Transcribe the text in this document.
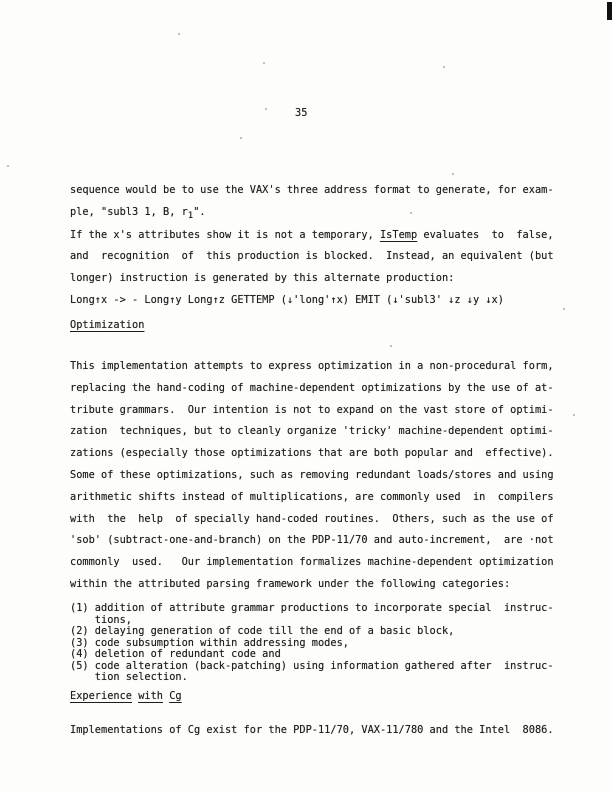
35
sequence would be to use the VAX's three address format to generate, for exam-
ple, "subl3 1, B, r1".
If the x's attributes show it is not a temporary, IsTemp evaluates  to  false,
and  recognition  of  this production is blocked.  Instead, an equivalent (but
longer) instruction is generated by this alternate production:
Long↑x -> - Long↑y Long↑z GETTEMP (↓'long'↑x) EMIT (↓'subl3' ↓z ↓y ↓x)
Optimization
This implementation attempts to express optimization in a non-procedural form,
replacing the hand-coding of machine-dependent optimizations by the use of at-
tribute grammars.  Our intention is not to expand on the vast store of optimi-
zation  techniques, but to cleanly organize 'tricky' machine-dependent optimi-
zations (especially those optimizations that are both popular and  effective).
Some of these optimizations, such as removing redundant loads/stores and using
arithmetic shifts instead of multiplications, are commonly used  in  compilers
with  the  help  of specially hand-coded routines.  Others, such as the use of
'sob' (subtract-one-and-branch) on the PDP-11/70 and auto-increment,  are ·not
commonly  used.   Our implementation formalizes machine-dependent optimization
within the attributed parsing framework under the following categories:
(1) addition of attribute grammar productions to incorporate special  instruc-
tions,
(2) delaying generation of code till the end of a basic block,
(3) code subsumption within addressing modes,
(4) deletion of redundant code and
(5) code alteration (back-patching) using information gathered after  instruc-
tion selection.
Experience with Cg
Implementations of Cg exist for the PDP-11/70, VAX-11/780 and the Intel  8086.
